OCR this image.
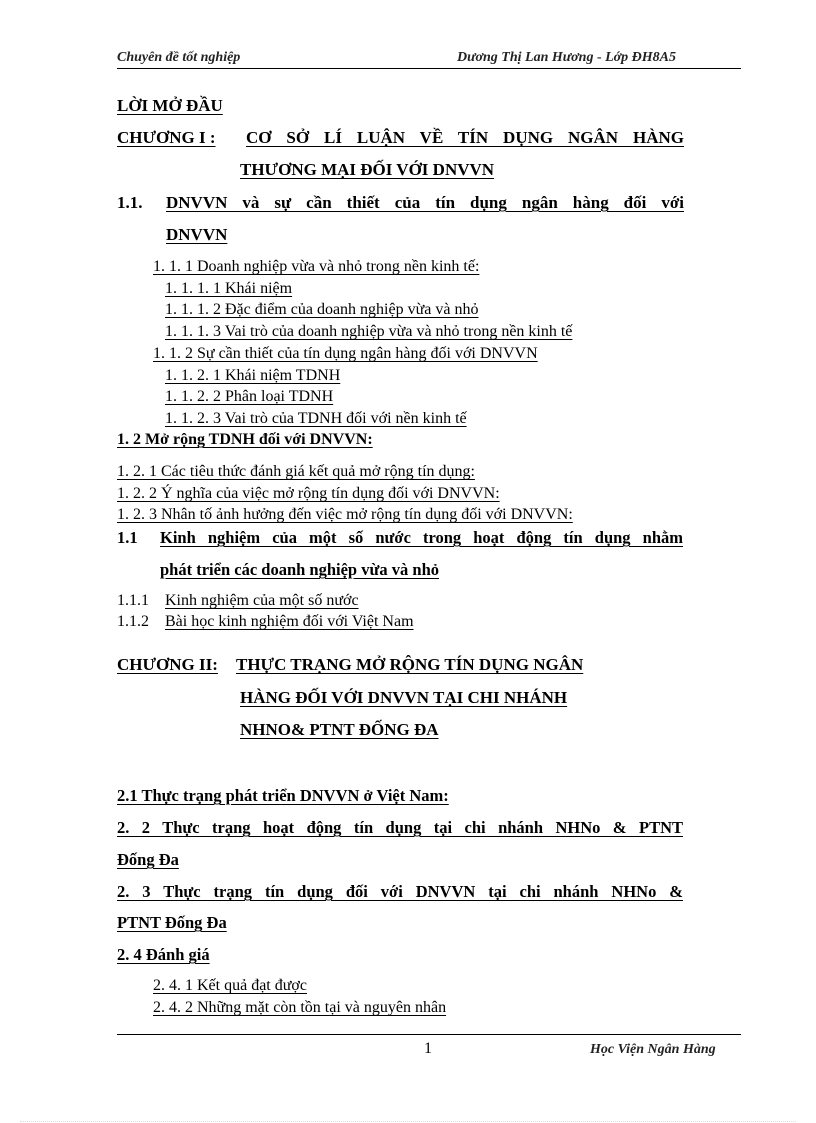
Chuyên đề tốt nghiệp	Dương Thị Lan Hương - Lớp ĐH8A5
LỜI MỞ ĐẦU
CHƯƠNG I : CƠ SỞ LÍ LUẬN VỀ TÍN DỤNG NGÂN HÀNG
THƯƠNG MẠI ĐỐI VỚI DNVVN
1.1. DNVVN và sự cần thiết của tín dụng ngân hàng đối với
DNVVN
1. 1. 1 Doanh nghiệp vừa và nhỏ trong nền kinh tế:
1. 1. 1. 1 Khái niệm
1. 1. 1. 2 Đặc điểm của doanh nghiệp vừa và nhỏ
1. 1. 1. 3 Vai trò của doanh nghiệp vừa và nhỏ trong nền kinh tế
1. 1. 2 Sự cần thiết của tín dụng ngân hàng đối với DNVVN
1. 1. 2. 1 Khái niệm TDNH
1. 1. 2. 2 Phân loại TDNH
1. 1. 2. 3 Vai trò của TDNH đối với nền kinh tế
1. 2 Mở rộng TDNH đối với DNVVN:
1. 2. 1 Các tiêu thức đánh giá kết quả mở rộng tín dụng:
1. 2. 2 Ý nghĩa của việc mở rộng tín dụng đối với DNVVN:
1. 2. 3 Nhân tố ảnh hưởng đến việc mở rộng tín dụng đối với DNVVN:
1.1 Kinh nghiệm của một số nước trong hoạt động tín dụng nhằm
phát triển các doanh nghiệp vừa và nhỏ
1.1.1 Kinh nghiệm của một số nước
1.1.2 Bài học kinh nghiệm đối với Việt Nam
CHƯƠNG II: THỰC TRẠNG MỞ RỘNG TÍN DỤNG NGÂN
HÀNG ĐỐI VỚI DNVVN TẠI CHI NHÁNH
NHNO& PTNT ĐỐNG ĐA
2.1 Thực trạng phát triển DNVVN ở Việt Nam:
2. 2 Thực trạng hoạt động tín dụng tại chi nhánh NHNo & PTNT
Đống Đa
2. 3 Thực trạng tín dụng đối với DNVVN tại chi nhánh NHNo &
PTNT Đống Đa
2. 4 Đánh giá
2. 4. 1 Kết quả đạt được
2. 4. 2 Những mặt còn tồn tại và nguyên nhân
1	Học Viện Ngân Hàng
